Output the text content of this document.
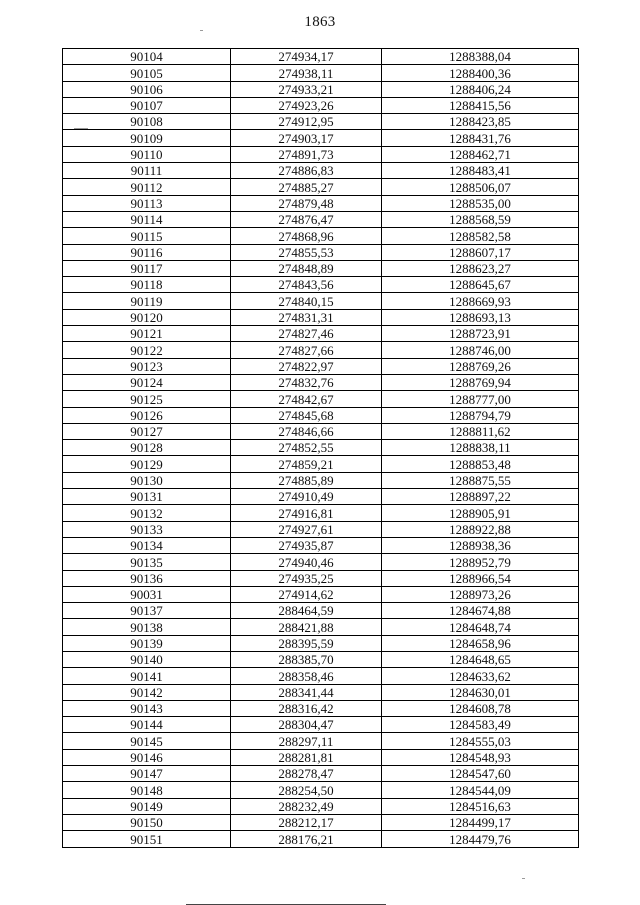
1863
90104	274934,17	1288388,04
90105	274938,11	1288400,36
90106	274933,21	1288406,24
90107	274923,26	1288415,56
90108	274912,95	1288423,85
90109	274903,17	1288431,76
90110	274891,73	1288462,71
90111	274886,83	1288483,41
90112	274885,27	1288506,07
90113	274879,48	1288535,00
90114	274876,47	1288568,59
90115	274868,96	1288582,58
90116	274855,53	1288607,17
90117	274848,89	1288623,27
90118	274843,56	1288645,67
90119	274840,15	1288669,93
90120	274831,31	1288693,13
90121	274827,46	1288723,91
90122	274827,66	1288746,00
90123	274822,97	1288769,26
90124	274832,76	1288769,94
90125	274842,67	1288777,00
90126	274845,68	1288794,79
90127	274846,66	1288811,62
90128	274852,55	1288838,11
90129	274859,21	1288853,48
90130	274885,89	1288875,55
90131	274910,49	1288897,22
90132	274916,81	1288905,91
90133	274927,61	1288922,88
90134	274935,87	1288938,36
90135	274940,46	1288952,79
90136	274935,25	1288966,54
90031	274914,62	1288973,26
90137	288464,59	1284674,88
90138	288421,88	1284648,74
90139	288395,59	1284658,96
90140	288385,70	1284648,65
90141	288358,46	1284633,62
90142	288341,44	1284630,01
90143	288316,42	1284608,78
90144	288304,47	1284583,49
90145	288297,11	1284555,03
90146	288281,81	1284548,93
90147	288278,47	1284547,60
90148	288254,50	1284544,09
90149	288232,49	1284516,63
90150	288212,17	1284499,17
90151	288176,21	1284479,76
